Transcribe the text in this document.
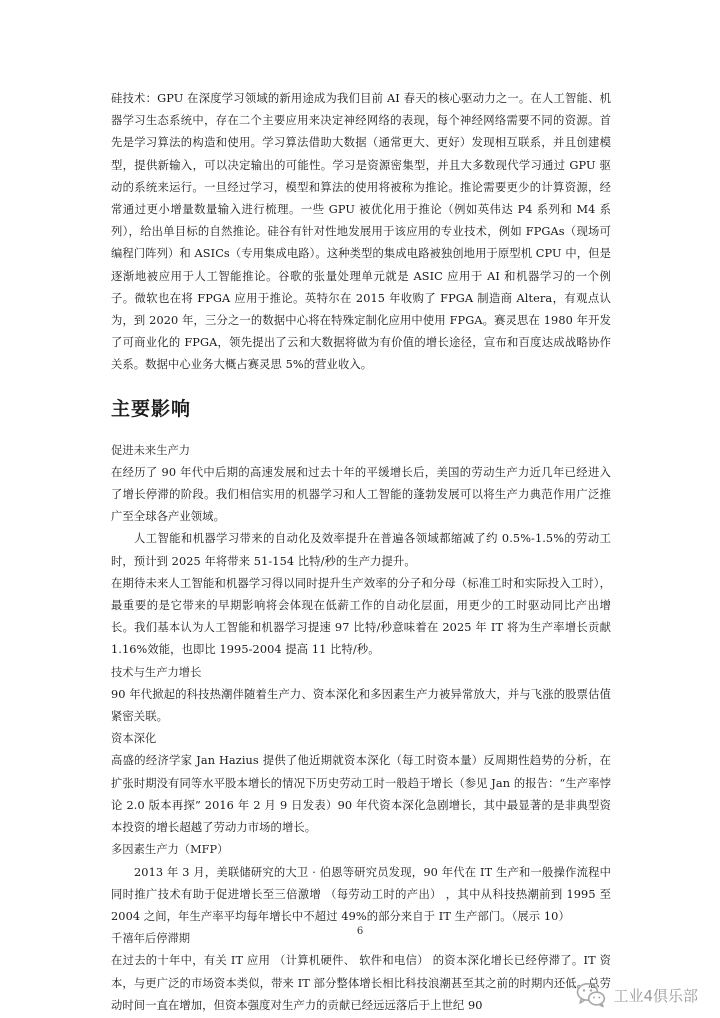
硅技术：GPU 在深度学习领域的新用途成为我们目前 AI 春天的核心驱动力之一。在人工智能、机器学习生态系统中，存在二个主要应用来决定神经网络的表现，每个神经网络需要不同的资源。首先是学习算法的构造和使用。学习算法借助大数据（通常更大、更好）发现相互联系，并且创建模型，提供新输入，可以决定输出的可能性。学习是资源密集型，并且大多数现代学习通过 GPU 驱动的系统来运行。一旦经过学习，模型和算法的使用将被称为推论。推论需要更少的计算资源，经常通过更小增量数量输入进行梳理。一些 GPU 被优化用于推论（例如英伟达 P4 系列和 M4 系列），给出单目标的自然推论。硅谷有针对性地发展用于该应用的专业技术，例如 FPGAs（现场可编程门阵列）和 ASICs（专用集成电路）。这种类型的集成电路被独创地用于原型机 CPU 中，但是逐渐地被应用于人工智能推论。谷歌的张量处理单元就是 ASIC 应用于 AI 和机器学习的一个例子。微软也在将 FPGA 应用于推论。英特尔在 2015 年收购了 FPGA 制造商 Altera，有观点认为，到 2020 年，三分之一的数据中心将在特殊定制化应用中使用 FPGA。赛灵思在 1980 年开发了可商业化的 FPGA，领先提出了云和大数据将做为有价值的增长途径，宣布和百度达成战略协作关系。数据中心业务大概占赛灵思 5%的营业收入。

主要影响

促进未来生产力

在经历了 90 年代中后期的高速发展和过去十年的平缓增长后，美国的劳动生产力近几年已经进入了增长停滞的阶段。我们相信实用的机器学习和人工智能的蓬勃发展可以将生产力典范作用广泛推广至全球各产业领域。

人工智能和机器学习带来的自动化及效率提升在普遍各领域都缩减了约 0.5%-1.5%的劳动工时，预计到 2025 年将带来 51-154 比特/秒的生产力提升。

在期待未来人工智能和机器学习得以同时提升生产效率的分子和分母（标准工时和实际投入工时），最重要的是它带来的早期影响将会体现在低薪工作的自动化层面，用更少的工时驱动同比产出增长。我们基本认为人工智能和机器学习提速 97 比特/秒意味着在 2025 年 IT 将为生产率增长贡献 1.16%效能，也即比 1995-2004 提高 11 比特/秒。

技术与生产力增长

90 年代掀起的科技热潮伴随着生产力、资本深化和多因素生产力被异常放大，并与飞涨的股票估值紧密关联。

资本深化

高盛的经济学家 Jan Hazius 提供了他近期就资本深化（每工时资本量）反周期性趋势的分析，在扩张时期没有同等水平股本增长的情况下历史劳动工时一般趋于增长（参见 Jan 的报告：“生产率悖论 2.0 版本再探” 2016 年 2 月 9 日发表）90 年代资本深化急剧增长，其中最显著的是非典型资本投资的增长超越了劳动力市场的增长。

多因素生产力（MFP）

2013 年 3 月，美联储研究的大卫 · 伯恩等研究员发现，90 年代在 IT 生产和一般操作流程中同时推广技术有助于促进增长至三倍激增 （每劳动工时的产出） ，其中从科技热潮前到 1995 至 2004 之间，年生产率平均每年增长中不超过 49%的部分来自于 IT 生产部门。（展示 10）

千禧年后停滞期

在过去的十年中，有关 IT 应用 （计算机硬件、 软件和电信） 的资本深化增长已经停滞了。IT 资本，与更广泛的市场资本类似，带来 IT 部分整体增长相比科技浪潮甚至其之前的时期内还低。总劳动时间一直在增加，但资本强度对生产力的贡献已经远远落后于上世纪 90

6
工业4俱乐部
